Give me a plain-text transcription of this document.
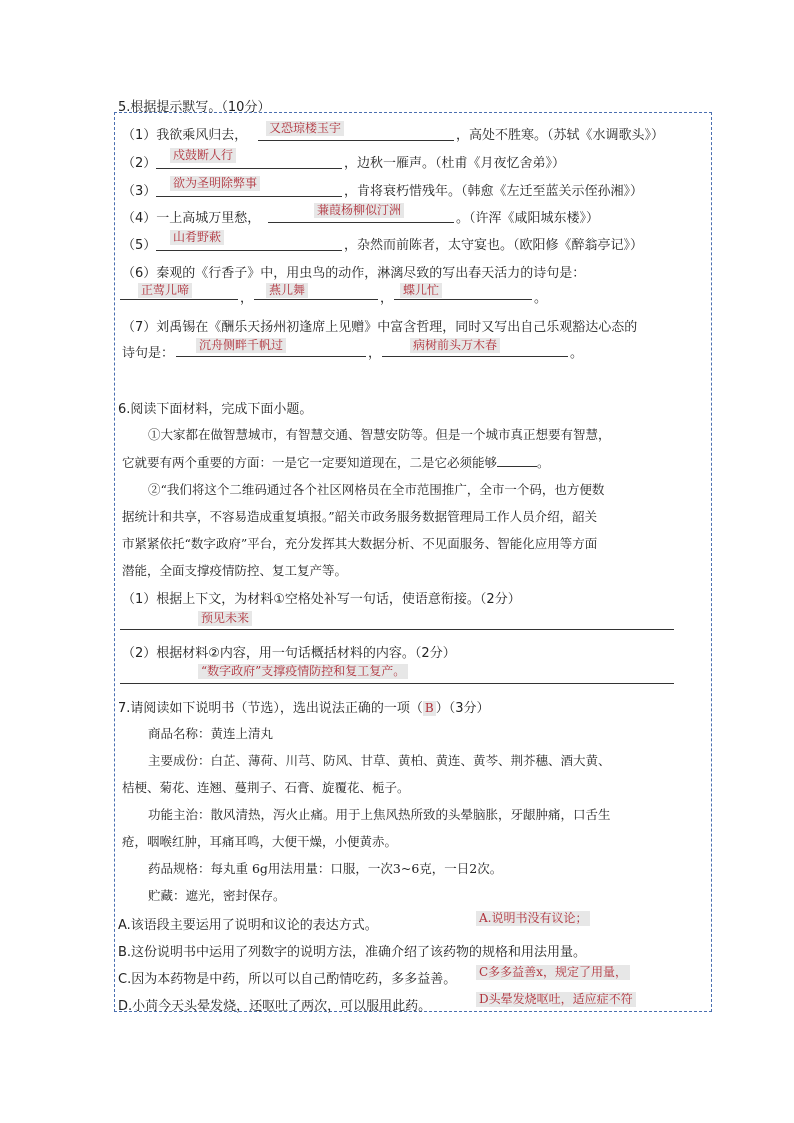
5.根据提示默写。（10分）
（1）我欲乘风归去， 又恐琼楼玉宇	，高处不胜寒。（苏轼《水调歌头》）
（2）
戍鼓断人行
，边秋一雁声。（杜甫《月夜忆舍弟》）
（3）
欲为圣明除弊事
，肯将衰朽惜残年。（韩愈《左迁至蓝关示侄孙湘》）
（4）一上高城万里愁，
蒹葭杨柳似汀洲
。（许浑《咸阳城东楼》）
（5）
山肴野蔌
，杂然而前陈者，太守宴也。（欧阳修《醉翁亭记》）
（6）秦观的《行香子》中，用虫鸟的动作，淋漓尽致的写出春天活力的诗句是：
正莺儿啼
，
燕儿舞
，
蝶儿忙
。
（7）刘禹锡在《酬乐天扬州初逢席上见赠》中富含哲理，同时又写出自己乐观豁达心态的
诗句是：
沉舟侧畔千帆过
，
病树前头万木春
。
6.阅读下面材料，完成下面小题。
①大家都在做智慧城市，有智慧交通、智慧安防等。但是一个城市真正想要有智慧，
它就要有两个重要的方面：一是它一定要知道现在，二是它必须能够	。
②“我们将这个二维码通过各个社区网格员在全市范围推广，全市一个码，也方便数
据统计和共享，不容易造成重复填报。”韶关市政务服务数据管理局工作人员介绍，韶关
市紧紧依托“数字政府”平台，充分发挥其大数据分析、不见面服务、智能化应用等方面
潜能，全面支撑疫情防控、复工复产等。
（1）根据上下文，为材料①空格处补写一句话，使语意衔接。（2分）
预见未来
（2）根据材料②内容，用一句话概括材料的内容。（2分）
“数字政府”支撑疫情防控和复工复产。
7.请阅读如下说明书（节选），选出说法正确的一项（ B ）（3分）
商品名称：黄连上清丸
主要成份：白芷、薄荷、川芎、防风、甘草、黄柏、黄连、黄芩、荆芥穗、酒大黄、
桔梗、菊花、连翘、蔓荆子、石膏、旋覆花、栀子。
功能主治：散风清热，泻火止痛。用于上焦风热所致的头晕脑胀，牙龈肿痛，口舌生
疮，咽喉红肿，耳痛耳鸣，大便干燥，小便黄赤。
药品规格：每丸重 6g用法用量：口服，一次3~6克，一日2次。
贮藏：遮光，密封保存。
A.该语段主要运用了说明和议论的表达方式。	A.说明书没有议论；
B.这份说明书中运用了列数字的说明方法，准确介绍了该药物的规格和用法用量。
C.因为本药物是中药，所以可以自己酌情吃药，多多益善。 C多多益善x，规定了用量，
D.小苘今天头晕发烧，还呕吐了两次，可以服用此药。	D头晕发烧呕吐，适应症不符
